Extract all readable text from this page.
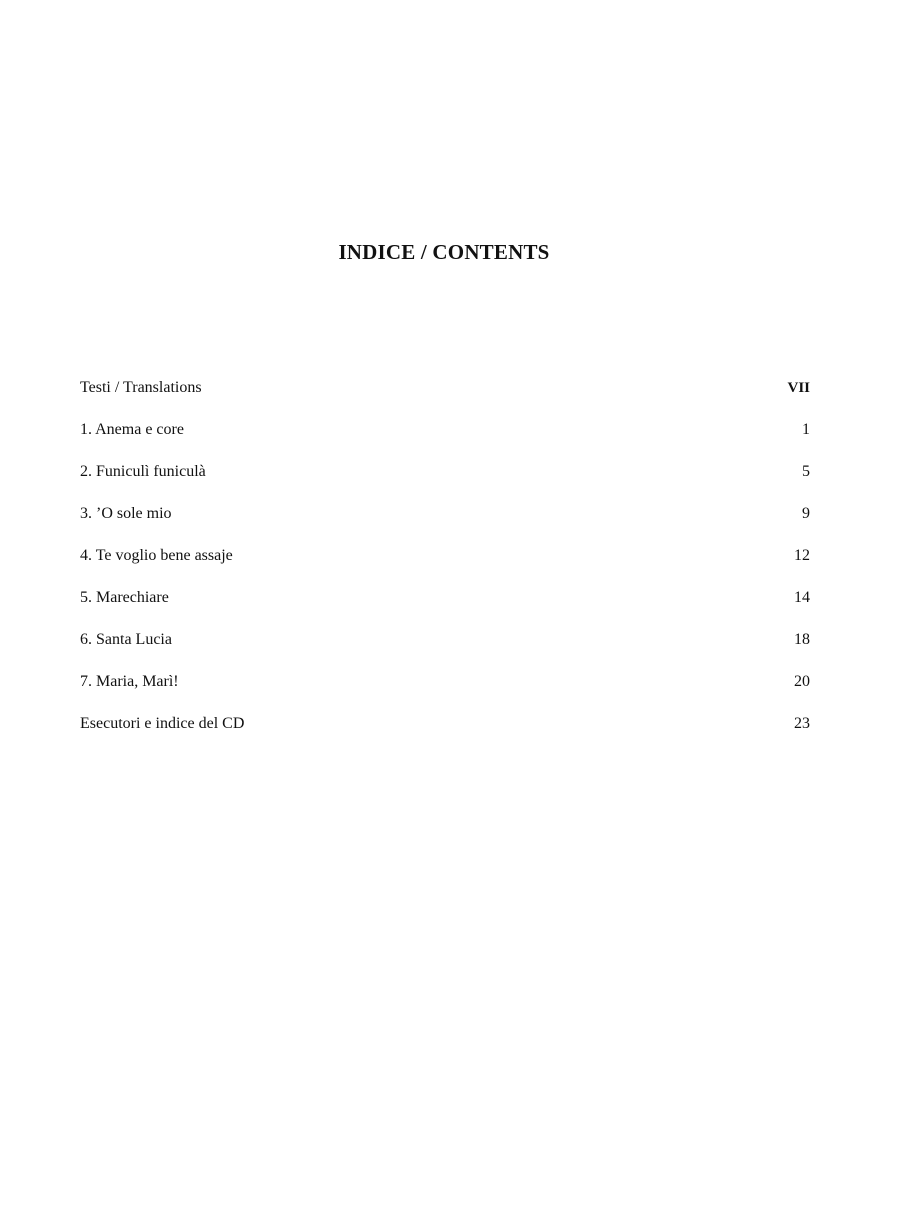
INDICE / CONTENTS
Testi / Translations	VII
1. Anema e core	1
2. Funiculì funiculà	5
3. ’O sole mio	9
4. Te voglio bene assaje	12
5. Marechiare	14
6. Santa Lucia	18
7. Maria, Marì!	20
Esecutori e indice del CD	23
